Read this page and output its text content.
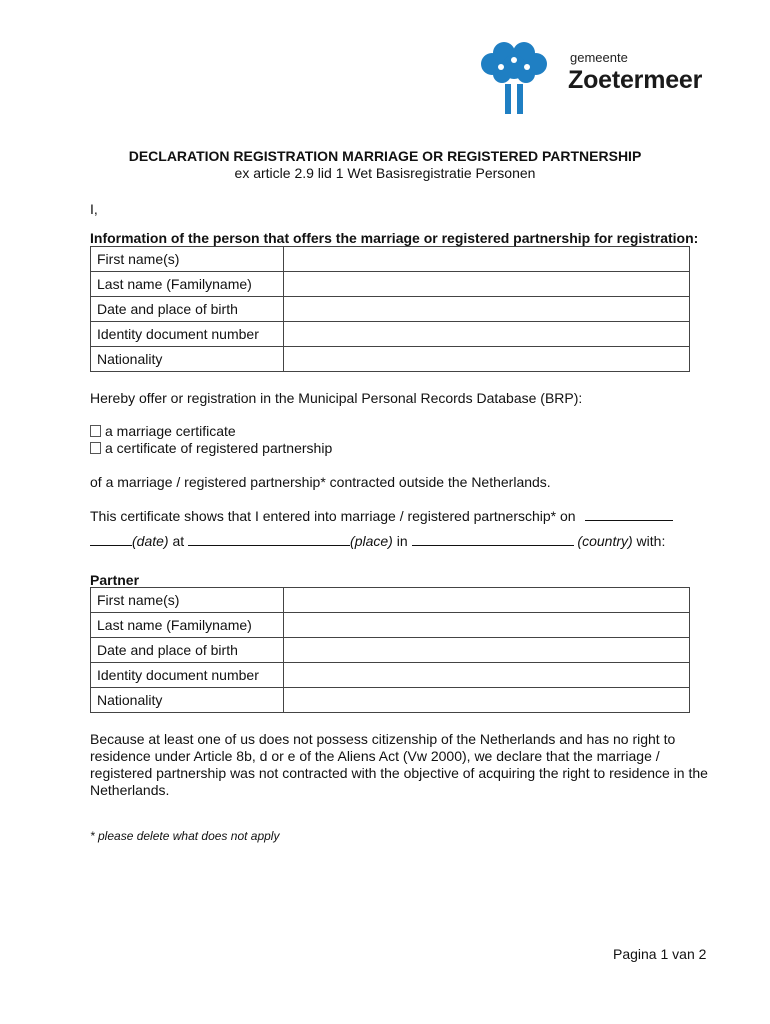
gemeente
Zoetermeer
DECLARATION REGISTRATION MARRIAGE OR REGISTERED PARTNERSHIP
ex article 2.9 lid 1 Wet Basisregistratie Personen
I,
Information of the person that offers the marriage or registered partnership for registration:
First name(s)	
Last name (Familyname)	
Date and place of birth	
Identity document number	
Nationality	
Hereby offer or registration in the Municipal Personal Records Database (BRP):
a marriage certificate
a certificate of registered partnership
of a marriage / registered partnership* contracted outside the Netherlands.
This certificate shows that I entered into marriage / registered partnerschip* on
(date) at	(place) in	(country) with:
Partner
First name(s)	
Last name (Familyname)	
Date and place of birth	
Identity document number	
Nationality	
Because at least one of us does not possess citizenship of the Netherlands and has no right to residence under Article 8b, d or e of the Aliens Act (Vw 2000), we declare that the marriage / registered partnership was not contracted with the objective of acquiring the right to residence in the Netherlands.
* please delete what does not apply
Pagina 1 van 2
